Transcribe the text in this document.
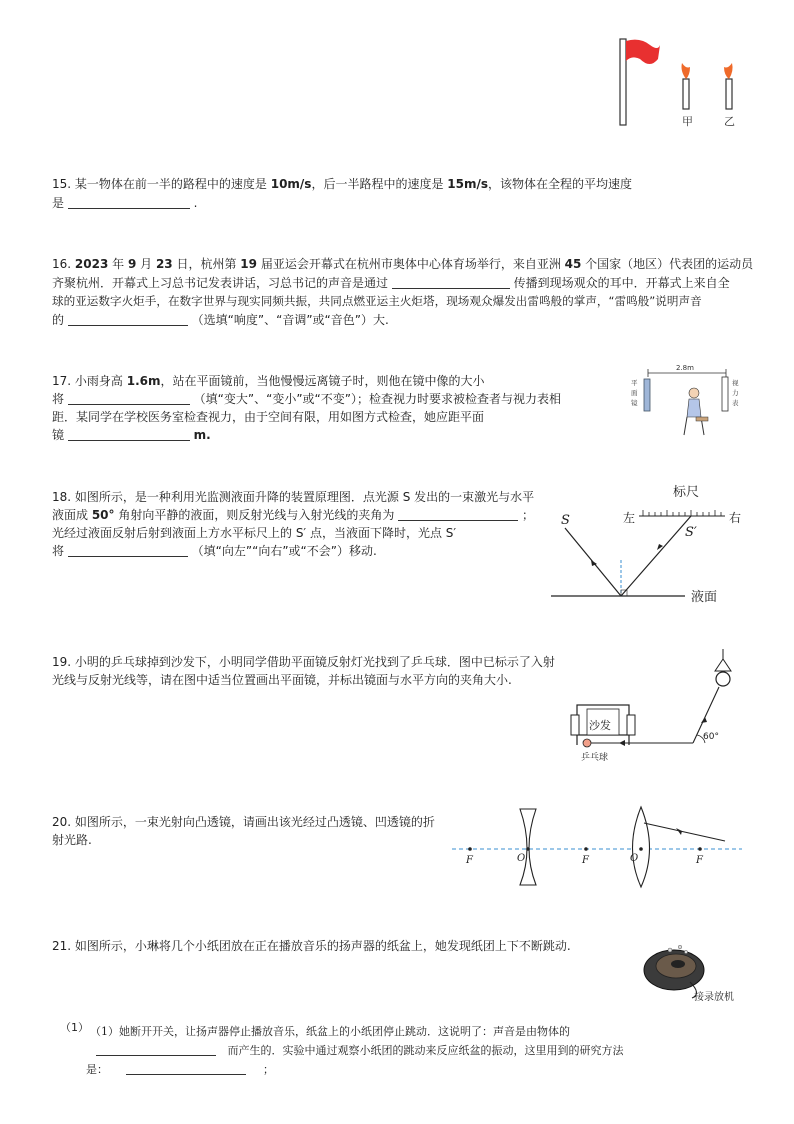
甲	乙
15. 某一物体在前一半的路程中的速度是 10m/s，后一半路程中的速度是 15m/s，该物体在全程的平均速度
是	.
16. 2023 年 9 月 23 日，杭州第 19 届亚运会开幕式在杭州市奥体中心体育场举行，来自亚洲 45 个国家（地区）代表团的运动员
齐聚杭州．开幕式上习总书记发表讲话，习总书记的声音是通过	传播到现场观众的耳中．开幕式上来自全
球的亚运数字火炬手，在数字世界与现实同频共振，共同点燃亚运主火炬塔，现场观众爆发出雷鸣般的掌声，“雷鸣般”说明声音
的	（选填“响度”、“音调”或“音色”）大.
17. 小雨身高 1.6m，站在平面镜前，当他慢慢远离镜子时，则他在镜中像的大小
将	（填“变大”、“变小”或“不变”）；检查视力时要求被检查者与视力表相
距．某同学在学校医务室检查视力，由于空间有限，用如图方式检查，她应距平面
镜	m.
2.8m
平
面
镜
视
力
表
18. 如图所示，是一种利用光监测液面升降的装置原理图．点光源 S 发出的一束激光与水平
液面成 50° 角射向平静的液面，则反射光线与入射光线的夹角为	；
光经过液面反射后射到液面上方水平标尺上的 S′ 点，当液面下降时，光点 S′
将	（填“向左”“向右”或“不会”）移动.
标尺
左	右
S
S′
液面
19. 小明的乒乓球掉到沙发下，小明同学借助平面镜反射灯光找到了乒乓球．图中已标示了入射
光线与反射光线等，请在图中适当位置画出平面镜，并标出镜面与水平方向的夹角大小.
沙发
60°
乒乓球
20. 如图所示，一束光射向凸透镜，请画出该光经过凸透镜、凹透镜的折
射光路.
F	O	F	O	F
21. 如图所示，小琳将几个小纸团放在正在播放音乐的扬声器的纸盆上，她发现纸团上下不断跳动.
接录放机
（1） （1）她断开开关，让扬声器停止播放音乐，纸盆上的小纸团停止跳动．这说明了：声音是由物体的
而产生的．实验中通过观察小纸团的跳动来反应纸盆的振动，这里用到的研究方法
是：	；
